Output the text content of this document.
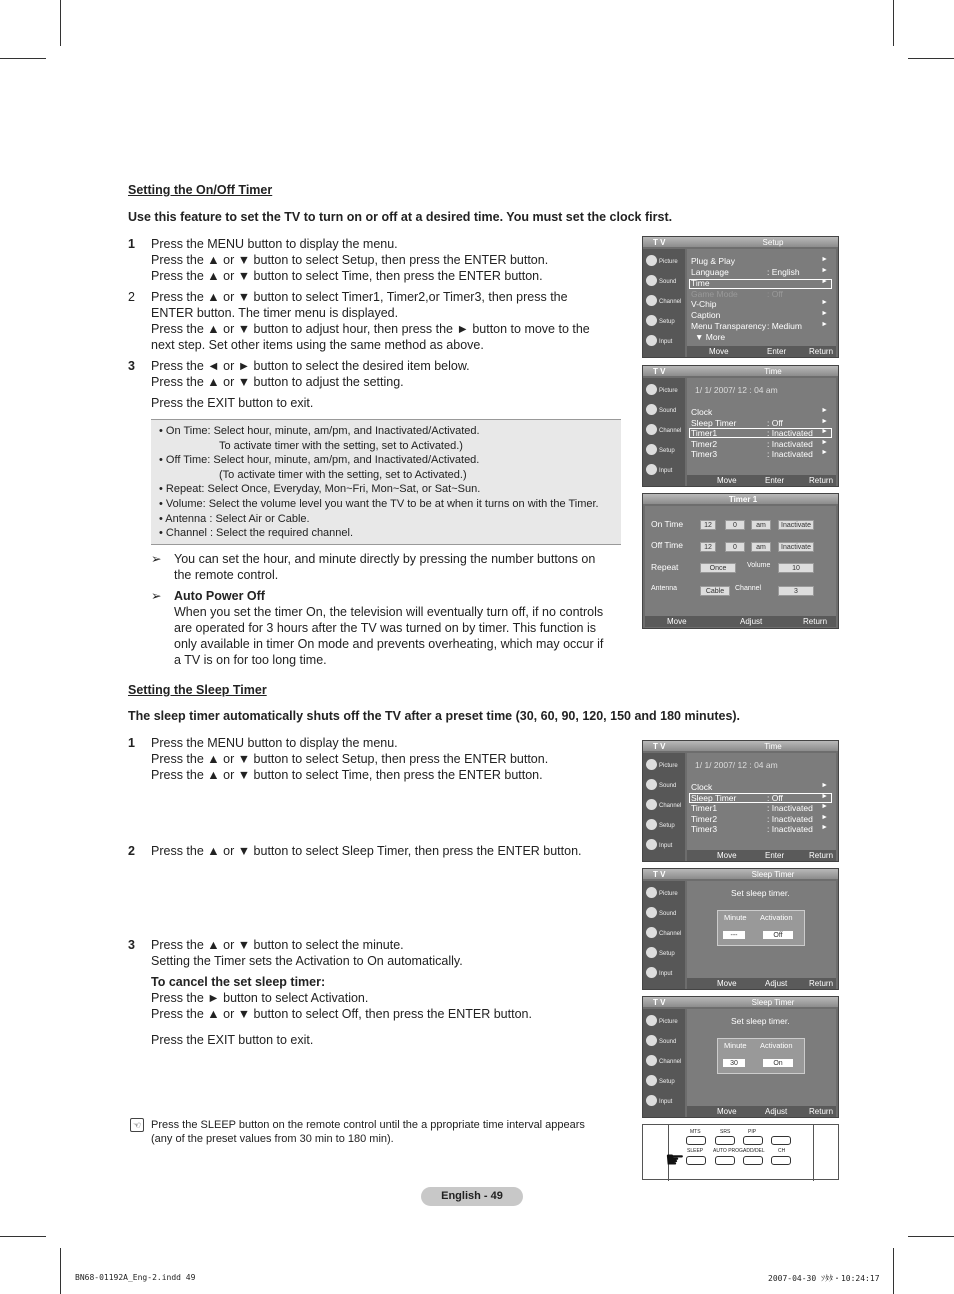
Setting the On/Off Timer
Use this feature to set the TV to turn on or off at a desired time. You must set the clock first.
1	Press the MENU button to display the menu.
Press the ▲ or ▼ button to select Setup, then press the ENTER button.
Press the ▲ or ▼ button to select Time, then press the ENTER button.
2	Press the ▲ or ▼ button to select Timer1, Timer2,or Timer3, then press the
ENTER button. The timer menu is displayed.
Press the ▲ or ▼ button to adjust hour, then press the ► button to move to the
next step. Set other items using the same method as above.
3	Press the ◄ or ► button to select the desired item below.
Press the ▲ or ▼ button to adjust the setting.
Press the EXIT button to exit.
• On Time: Select hour, minute, am/pm, and Inactivated/Activated.
To activate timer with the setting, set to Activated.)
• Off Time: Select hour, minute, am/pm, and Inactivated/Activated.
(To activate timer with the setting, set to Activated.)
• Repeat: Select Once, Everyday, Mon~Fri, Mon~Sat, or Sat~Sun.
• Volume: Select the volume level you want the TV to be at when it turns on with the Timer.
• Antenna : Select Air or Cable.
• Channel : Select the required channel.
➢ You can set the hour, and minute directly by pressing the number buttons on
the remote control.
➢ Auto Power Off
When you set the timer On, the television will eventually turn off, if no controls
are operated for 3 hours after the TV was turned on by timer. This function is
only available in timer On mode and prevents overheating, which may occur if
a TV is on for too long time.
Setting the Sleep Timer
The sleep timer automatically shuts off the TV after a preset time (30, 60, 90, 120, 150 and 180 minutes).
1	Press the MENU button to display the menu.
Press the ▲ or ▼ button to select Setup, then press the ENTER button.
Press the ▲ or ▼ button to select Time, then press the ENTER button.
2	Press the ▲ or ▼ button to select Sleep Timer, then press the ENTER button.
3	Press the ▲ or ▼ button to select the minute.
Setting the Timer sets the Activation to On automatically.
To cancel the set sleep timer:
Press the ► button to select Activation.
Press the ▲ or ▼ button to select Off, then press the ENTER button.
Press the EXIT button to exit.
☜ Press the SLEEP button on the remote control until the a ppropriate time interval appears
(any of the preset values from 30 min to 180 min).
T V	Setup
Picture
Sound
Channel
Setup
Input
Plug & Play
Language	: English
Time
Game Mode	: Off
V-Chip
Caption
Menu Transparency : Medium
▼ More
►
►
►
►
►
►
Move	Enter	Return
T V	Time
Picture
Sound
Channel
Setup
Input
1/ 1/ 2007/ 12 : 04 am
Clock
Sleep Timer	: Off
Timer1	: Inactivated
Timer2	: Inactivated
Timer3	: Inactivated
►
►
►
►
►
Move	Enter	Return
Timer 1
On Time	12	0	am	Inactivate
Off Time	12	0	am	Inactivate
Repeat	Once	Volume	10
Antenna	Cable	Channel	3
Move	Adjust	Return
T V	Time
Picture
Sound
Channel
Setup
Input
1/ 1/ 2007/ 12 : 04 am
Clock
Sleep Timer	: Off
Timer1	: Inactivated
Timer2	: Inactivated
Timer3	: Inactivated
►
►
►
►
►
Move	Enter	Return
T V	Sleep Timer
Picture
Sound
Channel
Setup
Input
Set sleep timer.
Minute Activation
---	Off
Move	Adjust	Return
T V	Sleep Timer
Picture
Sound
Channel
Setup
Input
Set sleep timer.
Minute Activation
30	On
Move	Adjust	Return
MTS	SRS	PIP
SLEEP AUTO PROG.
ADD/DEL	CH
☛
English - 49
BN68-01192A_Eng-2.indd 49	2007-04-30 ｿﾀﾀ・10:24:17
